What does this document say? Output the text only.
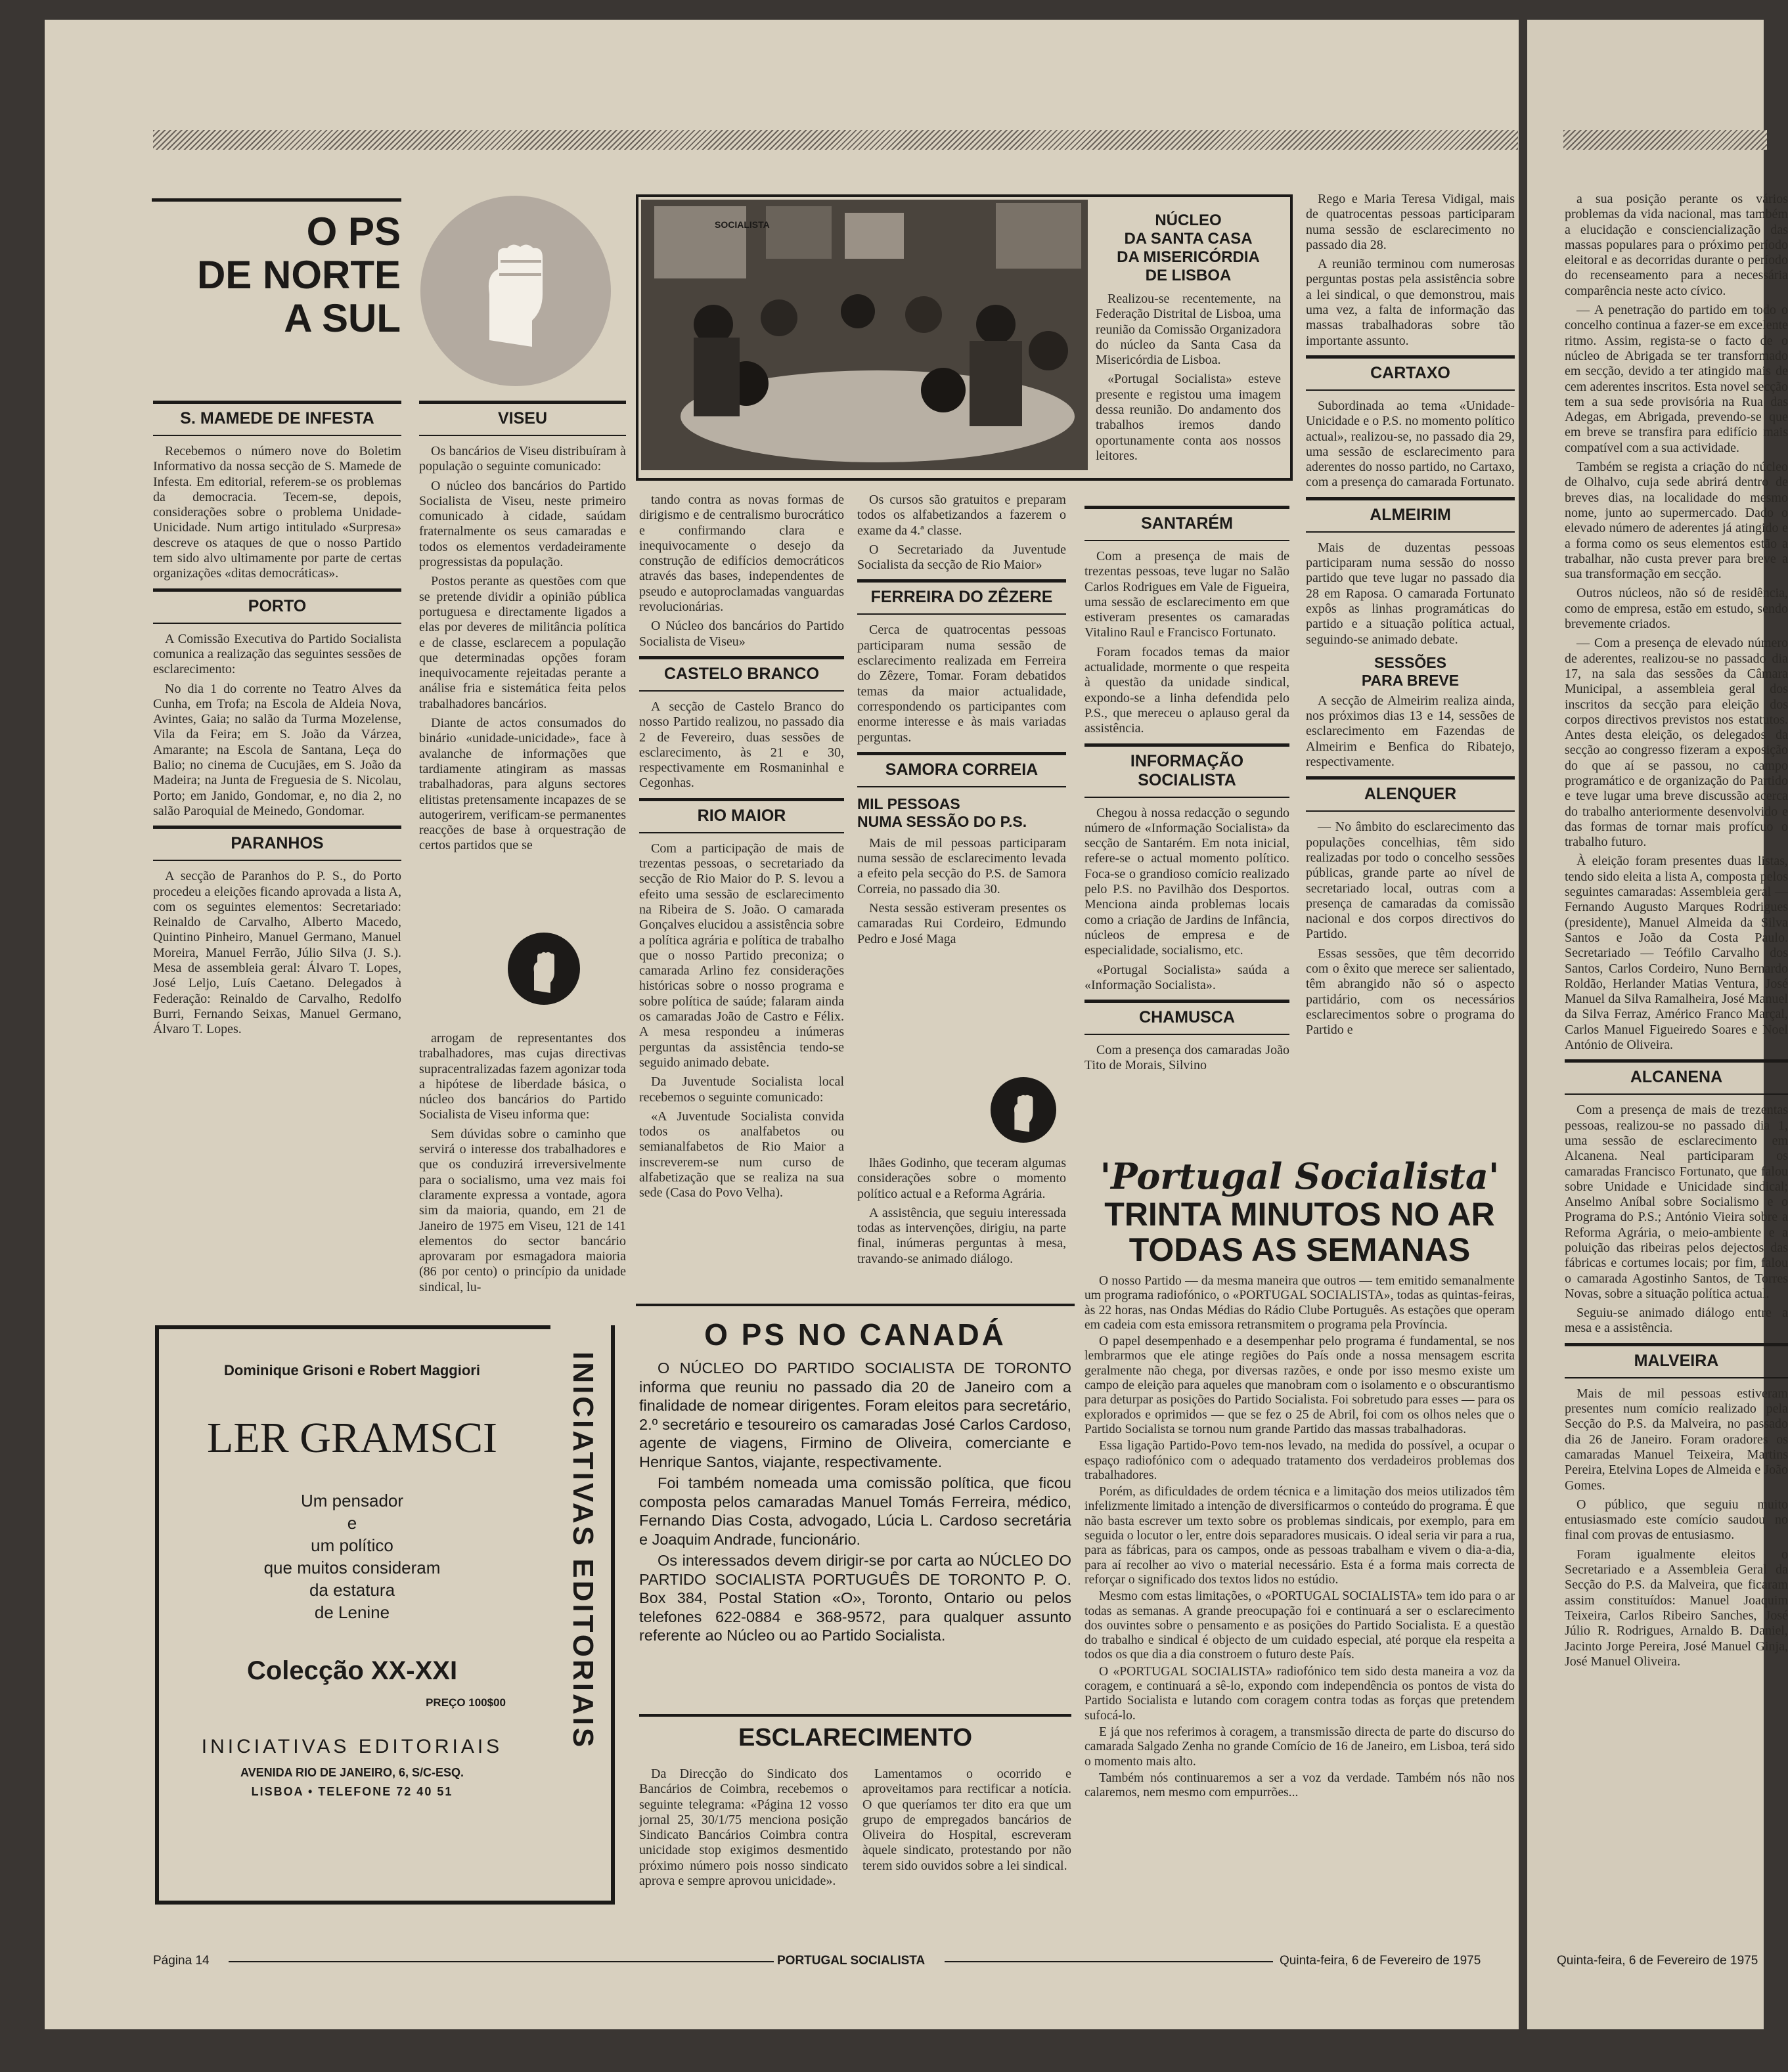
O PS
DE NORTE
A SUL
S. MAMEDE DE INFESTA

Recebemos o número nove do Boletim Informativo da nossa secção de S. Mamede de Infesta. Em editorial, referem-se os problemas da democracia. Tecem-se, depois, considerações sobre o problema Unidade-Unicidade. Num artigo intitulado «Surpresa» descreve os ataques de que o nosso Partido tem sido alvo ultimamente por parte de certas organizações «ditas democráticas».

PORTO

A Comissão Executiva do Partido Socialista comunica a realização das seguintes sessões de esclarecimento:

No dia 1 do corrente no Teatro Alves da Cunha, em Trofa; na Escola de Aldeia Nova, Avintes, Gaia; no salão da Turma Mozelense, Vila da Feira; em S. João da Várzea, Amarante; na Escola de Santana, Leça do Balio; no cinema de Cucujães, em S. João da Madeira; na Junta de Freguesia de S. Nicolau, Porto; em Janido, Gondomar, e, no dia 2, no salão Paroquial de Meinedo, Gondomar.

PARANHOS

A secção de Paranhos do P. S., do Porto procedeu a eleições ficando aprovada a lista A, com os seguintes elementos: Secretariado: Reinaldo de Carvalho, Alberto Macedo, Quintino Pinheiro, Manuel Germano, Manuel Moreira, Manuel Ferrão, Júlio Silva (J. S.). Mesa de assembleia geral: Álvaro T. Lopes, José Leljo, Luís Caetano. Delegados à Federação: Reinaldo de Carvalho, Redolfo Burri, Fernando Seixas, Manuel Germano, Álvaro T. Lopes.

VISEU

Os bancários de Viseu distribuíram à população o seguinte comunicado:

O núcleo dos bancários do Partido Socialista de Viseu, neste primeiro comunicado à cidade, saúdam fraternalmente os seus camaradas e todos os elementos verdadeiramente progressistas da população.

Postos perante as questões com que se pretende dividir a opinião pública portuguesa e directamente ligados a elas por deveres de militância política e de classe, esclarecem a população que determinadas opções foram inequivocamente rejeitadas perante a análise fria e sistemática feita pelos trabalhadores bancários.

Diante de actos consumados do binário «unidade-unicidade», face à avalanche de informações que tardiamente atingiram as massas trabalhadoras, para alguns sectores elitistas pretensamente incapazes de se autogerirem, verificam-se permanentes reacções de base à orquestração de certos partidos que se

arrogam de representantes dos trabalhadores, mas cujas directivas supracentralizadas fazem agonizar toda a hipótese de liberdade básica, o núcleo dos bancários do Partido Socialista de Viseu informa que:

Sem dúvidas sobre o caminho que servirá o interesse dos trabalhadores e que os conduzirá irreversivelmente para o socialismo, uma vez mais foi claramente expressa a vontade, agora sim da maioria, quando, em 21 de Janeiro de 1975 em Viseu, 121 de 141 elementos do sector bancário aprovaram por esmagadora maioria (86 por cento) o princípio da unidade sindical, lu-

tando contra as novas formas de dirigismo e de centralismo burocrático e confirmando clara e inequivocamente o desejo da construção de edifícios democráticos através das bases, independentes de pseudo e autoproclamadas vanguardas revolucionárias.

O Núcleo dos bancários do Partido Socialista de Viseu»

CASTELO BRANCO

A secção de Castelo Branco do nosso Partido realizou, no passado dia 2 de Fevereiro, duas sessões de esclarecimento, às 21 e 30, respectivamente em Rosmaninhal e Cegonhas.

RIO MAIOR

Com a participação de mais de trezentas pessoas, o secretariado da secção de Rio Maior do P. S. levou a efeito uma sessão de esclarecimento na Ribeira de S. João. O camarada Gonçalves elucidou a assistência sobre a política agrária e política de trabalho que o nosso Partido preconiza; o camarada Arlino fez considerações históricas sobre o nosso programa e sobre política de saúde; falaram ainda os camaradas João de Castro e Félix. A mesa respondeu a inúmeras perguntas da assistência tendo-se seguido animado debate.

Da Juventude Socialista local recebemos o seguinte comunicado:

«A Juventude Socialista convida todos os analfabetos ou semianalfabetos de Rio Maior a inscreverem-se num curso de alfabetização que se realiza na sua sede (Casa do Povo Velha).

Os cursos são gratuitos e preparam todos os alfabetizandos a fazerem o exame da 4.ª classe.

O Secretariado da Juventude Socialista da secção de Rio Maior»

FERREIRA DO ZÊZERE

Cerca de quatrocentas pessoas participaram numa sessão de esclarecimento realizada em Ferreira do Zêzere, Tomar. Foram debatidos temas da maior actualidade, correspondendo os participantes com enorme interesse e às mais variadas perguntas.

SAMORA CORREIA
MIL PESSOAS
NUMA SESSÃO DO P.S.

Mais de mil pessoas participaram numa sessão de esclarecimento levada a efeito pela secção do P.S. de Samora Correia, no passado dia 30.

Nesta sessão estiveram presentes os camaradas Rui Cordeiro, Edmundo Pedro e José Maga

lhães Godinho, que teceram algumas considerações sobre o momento político actual e a Reforma Agrária.

A assistência, que seguiu interessada todas as intervenções, dirigiu, na parte final, inúmeras perguntas à mesa, travando-se animado diálogo.

SOCIALISTA	NÚCLEO
DA SANTA CASA
DA MISERICÓRDIA
DE LISBOA

Realizou-se recentemente, na Federação Distrital de Lisboa, uma reunião da Comissão Organizadora do núcleo da Santa Casa da Misericórdia de Lisboa.

«Portugal Socialista» esteve presente e registou uma imagem dessa reunião. Do andamento dos trabalhos iremos dando oportunamente conta aos nossos leitores.

SANTARÉM

Com a presença de mais de trezentas pessoas, teve lugar no Salão Carlos Rodrigues em Vale de Figueira, uma sessão de esclarecimento em que estiveram presentes os camaradas Vitalino Raul e Francisco Fortunato.

Foram focados temas da maior actualidade, mormente o que respeita à questão da unidade sindical, expondo-se a linha defendida pelo P.S., que mereceu o aplauso geral da assistência.

INFORMAÇÃO SOCIALISTA

Chegou à nossa redacção o segundo número de «Informação Socialista» da secção de Santarém. Em nota inicial, refere-se o actual momento político. Foca-se o grandioso comício realizado pelo P.S. no Pavilhão dos Desportos. Menciona ainda problemas locais como a criação de Jardins de Infância, núcleos de empresa e de especialidade, socialismo, etc.

«Portugal Socialista» saúda a «Informação Socialista».

CHAMUSCA

Com a presença dos camaradas João Tito de Morais, Silvino

Rego e Maria Teresa Vidigal, mais de quatrocentas pessoas participaram numa sessão de esclarecimento no passado dia 28.

A reunião terminou com numerosas perguntas postas pela assistência sobre a lei sindical, o que demonstrou, mais uma vez, a falta de informação das massas trabalhadoras sobre tão importante assunto.

CARTAXO

Subordinada ao tema «Unidade-Unicidade e o P.S. no momento político actual», realizou-se, no passado dia 29, uma sessão de esclarecimento para aderentes do nosso partido, no Cartaxo, com a presença do camarada Fortunato.

ALMEIRIM

Mais de duzentas pessoas participaram numa sessão do nosso partido que teve lugar no passado dia 28 em Raposa. O camarada Fortunato expôs as linhas programáticas do partido e a situação política actual, seguindo-se animado debate.

SESSÕES
PARA BREVE

A secção de Almeirim realiza ainda, nos próximos dias 13 e 14, sessões de esclarecimento em Fazendas de Almeirim e Benfica do Ribatejo, respectivamente.

ALENQUER

— No âmbito do esclarecimento das populações concelhias, têm sido realizadas por todo o concelho sessões públicas, grande parte ao nível de secretariado local, outras com a presença de camaradas da comissão nacional e dos corpos directivos do Partido.

Essas sessões, que têm decorrido com o êxito que merece ser salientado, têm abrangido não só o aspecto partidário, com os necessários esclarecimentos sobre o programa do Partido e

Dominique Grisoni e Robert Maggiori
LER GRAMSCI
Um pensador
e
um político
que muitos consideram
da estatura
de Lenine
Colecção XX-XXI
PREÇO 100$00
INICIATIVAS EDITORIAIS
AVENIDA RIO DE JANEIRO, 6, S/C-ESQ.
LISBOA • TELEFONE 72 40 51
INICIATIVAS EDITORIAIS
O PS NO CANADÁ

O NÚCLEO DO PARTIDO SOCIALISTA DE TORONTO informa que reuniu no passado dia 20 de Janeiro com a finalidade de nomear dirigentes. Foram eleitos para secretário, 2.º secretário e tesoureiro os camaradas José Carlos Cardoso, agente de viagens, Firmino de Oliveira, comerciante e Henrique Santos, viajante, respectivamente.

Foi também nomeada uma comissão política, que ficou composta pelos camaradas Manuel Tomás Ferreira, médico, Fernando Dias Costa, advogado, Lúcia L. Cardoso secretária e Joaquim Andrade, funcionário.

Os interessados devem dirigir-se por carta ao NÚCLEO DO PARTIDO SOCIALISTA PORTUGUÊS DE TORONTO P. O. Box 384, Postal Station «O», Toronto, Ontario ou pelos telefones 622-0884 e 368-9572, para qualquer assunto referente ao Núcleo ou ao Partido Socialista.

ESCLARECIMENTO

Da Direcção do Sindicato dos Bancários de Coimbra, recebemos o seguinte telegrama: «Página 12 vosso jornal 25, 30/1/75 menciona posição Sindicato Bancários Coimbra contra unicidade stop exigimos desmentido próximo número pois nosso sindicato aprova e sempre aprovou unicidade».

Lamentamos o ocorrido e aproveitamos para rectificar a notícia. O que queríamos ter dito era que um grupo de empregados bancários de Oliveira do Hospital, escreveram àquele sindicato, protestando por não terem sido ouvidos sobre a lei sindical.

'Portugal Socialista'
TRINTA MINUTOS NO AR
TODAS AS SEMANAS

O nosso Partido — da mesma maneira que outros — tem emitido semanalmente um programa radiofónico, o «PORTUGAL SOCIALISTA», todas as quintas-feiras, às 22 horas, nas Ondas Médias do Rádio Clube Português. As estações que operam em cadeia com esta emissora retransmitem o programa pela Província.

O papel desempenhado e a desempenhar pelo programa é fundamental, se nos lembrarmos que ele atinge regiões do País onde a nossa mensagem escrita geralmente não chega, por diversas razões, e onde por isso mesmo existe um campo de eleição para aqueles que manobram com o isolamento e o obscurantismo para deturpar as posições do Partido Socialista. Foi sobretudo para esses — para os explorados e oprimidos — que se fez o 25 de Abril, foi com os olhos neles que o Partido Socialista se tornou num grande Partido das massas trabalhadoras.

Essa ligação Partido-Povo tem-nos levado, na medida do possível, a ocupar o espaço radiofónico com o adequado tratamento dos verdadeiros problemas dos trabalhadores.

Porém, as dificuldades de ordem técnica e a limitação dos meios utilizados têm infelizmente limitado a intenção de diversificarmos o conteúdo do programa. É que não basta escrever um texto sobre os problemas sindicais, por exemplo, para em seguida o locutor o ler, entre dois separadores musicais. O ideal seria vir para a rua, para as fábricas, para os campos, onde as pessoas trabalham e vivem o dia-a-dia, para aí recolher ao vivo o material necessário. Esta é a forma mais correcta de reforçar o significado dos textos lidos no estúdio.

Mesmo com estas limitações, o «PORTUGAL SOCIALISTA» tem ido para o ar todas as semanas. A grande preocupação foi e continuará a ser o esclarecimento dos ouvintes sobre o pensamento e as posições do Partido Socialista. E a questão do trabalho e sindical é objecto de um cuidado especial, até porque ela respeita a todos os que dia a dia constroem o futuro deste País.

O «PORTUGAL SOCIALISTA» radiofónico tem sido desta maneira a voz da coragem, e continuará a sê-lo, expondo com independência os pontos de vista do Partido Socialista e lutando com coragem contra todas as forças que pretendem sufocá-lo.

E já que nos referimos à coragem, a transmissão directa de parte do discurso do camarada Salgado Zenha no grande Comício de 16 de Janeiro, em Lisboa, terá sido o momento mais alto.

Também nós continuaremos a ser a voz da verdade. Também nós não nos calaremos, nem mesmo com empurrões...

Página 14	PORTUGAL SOCIALISTA	Quinta-feira, 6 de Fevereiro de 1975

a sua posição perante os vários problemas da vida nacional, mas também a elucidação e consciencialização das massas populares para o próximo período eleitoral e as decorridas durante o período do recenseamento para a necessária comparência neste acto cívico.

— A penetração do partido em todo o concelho continua a fazer-se em excelente ritmo. Assim, regista-se o facto de o núcleo de Abrigada se ter transformado em secção, devido a ter atingido mais de cem aderentes inscritos. Esta novel secção tem a sua sede provisória na Rua das Adegas, em Abrigada, prevendo-se que em breve se transfira para edifício mais compatível com a sua actividade.

Também se regista a criação do núcleo de Olhalvo, cuja sede abrirá dentro de breves dias, na localidade do mesmo nome, junto ao supermercado. Dado o elevado número de aderentes já atingido e a forma como os seus elementos estão a trabalhar, não custa prever para breve a sua transformação em secção.

Outros núcleos, não só de residência, como de empresa, estão em estudo, sendo brevemente criados.

— Com a presença de elevado número de aderentes, realizou-se no passado dia 17, na sala das sessões da Câmara Municipal, a assembleia geral dos inscritos da secção para eleição dos corpos directivos previstos nos estatutos. Antes desta eleição, os delegados da secção ao congresso fizeram a exposição do que aí se passou, no campo programático e de organização do Partido e teve lugar uma breve discussão acerca do trabalho anteriormente desenvolvido e das formas de tornar mais profícuo o trabalho futuro.

À eleição foram presentes duas listas, tendo sido eleita a lista A, composta pelos seguintes camaradas: Assembleia geral — Fernando Augusto Marques Rodrigues (presidente), Manuel Almeida da Silva Santos e João da Costa Paulo. Secretariado — Teófilo Carvalho dos Santos, Carlos Cordeiro, Nuno Bernardo Roldão, Herlander Matias Ventura, José Manuel da Silva Ramalheira, José Manuel da Silva Ferraz, Américo Franco Marçal, Carlos Manuel Figueiredo Soares e Noel António de Oliveira.

ALCANENA

Com a presença de mais de trezentas pessoas, realizou-se no passado dia 1, uma sessão de esclarecimento em Alcanena. Neal participaram os camaradas Francisco Fortunato, que falou sobre Unidade e Unicidade sindical; Anselmo Aníbal sobre Socialismo e o Programa do P.S.; António Vieira sobre a Reforma Agrária, o meio-ambiente e a poluição das ribeiras pelos dejectos das fábricas e cortumes locais; por fim, falou o camarada Agostinho Santos, de Torres Novas, sobre a situação política actual.

Seguiu-se animado diálogo entre a mesa e a assistência.

MALVEIRA

Mais de mil pessoas estiveram presentes num comício realizado pela Secção do P.S. da Malveira, no passado dia 26 de Janeiro. Foram oradores os camaradas Manuel Teixeira, Martins Pereira, Etelvina Lopes de Almeida e João Gomes.

O público, que seguiu muito entusiasmado este comício saudou no final com provas de entusiasmo.

Foram igualmente eleitos o Secretariado e a Assembleia Geral da Secção do P.S. da Malveira, que ficaram assim constituídos: Manuel Joaquim Teixeira, Carlos Ribeiro Sanches, José Júlio R. Rodrigues, Arnaldo B. Daniel, Jacinto Jorge Pereira, José Manuel Ginja, José Manuel Oliveira.

Quinta-feira, 6 de Fevereiro de 1975
